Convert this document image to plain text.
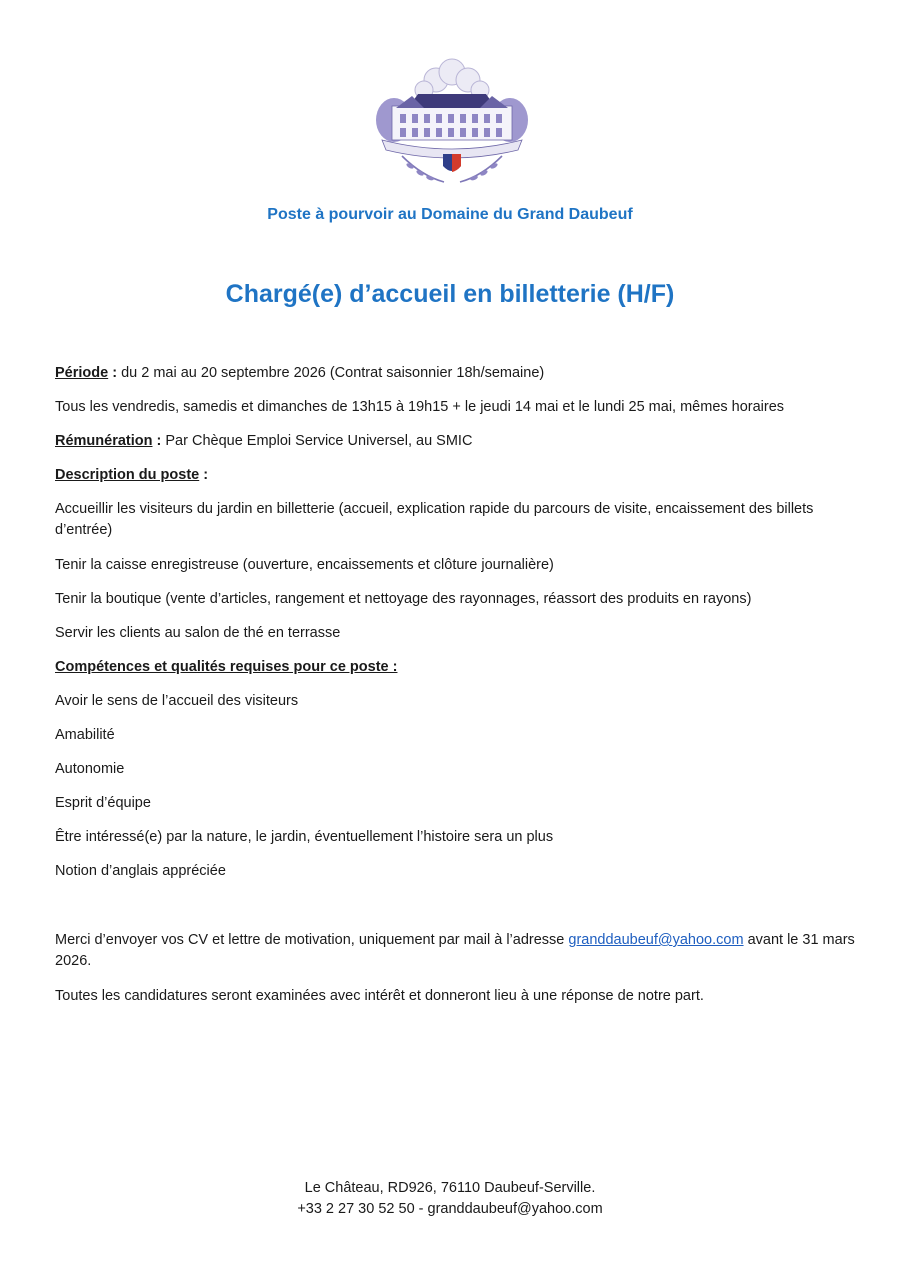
Poste à pourvoir au Domaine du Grand Daubeuf
Chargé(e) d’accueil en billetterie (H/F)
Période : du 2 mai au 20 septembre 2026 (Contrat saisonnier 18h/semaine)
Tous les vendredis, samedis et dimanches de 13h15 à 19h15 + le jeudi 14 mai et le lundi 25 mai, mêmes horaires
Rémunération : Par Chèque Emploi Service Universel, au SMIC
Description du poste :
Accueillir les visiteurs du jardin en billetterie (accueil, explication rapide du parcours de visite, encaissement des billets d’entrée)
Tenir la caisse enregistreuse (ouverture, encaissements et clôture journalière)
Tenir la boutique (vente d’articles, rangement et nettoyage des rayonnages, réassort des produits en rayons)
Servir les clients au salon de thé en terrasse
Compétences et qualités requises pour ce poste :
Avoir le sens de l’accueil des visiteurs
Amabilité
Autonomie
Esprit d’équipe
Être intéressé(e) par la nature, le jardin, éventuellement l’histoire sera un plus
Notion d’anglais appréciée
Merci d’envoyer vos CV et lettre de motivation, uniquement par mail à l’adresse granddaubeuf@yahoo.com avant le 31 mars 2026.
Toutes les candidatures seront examinées avec intérêt et donneront lieu à une réponse de notre part.
Le Château, RD926, 76110 Daubeuf-Serville.
+33 2 27 30 52 50 - granddaubeuf@yahoo.com
